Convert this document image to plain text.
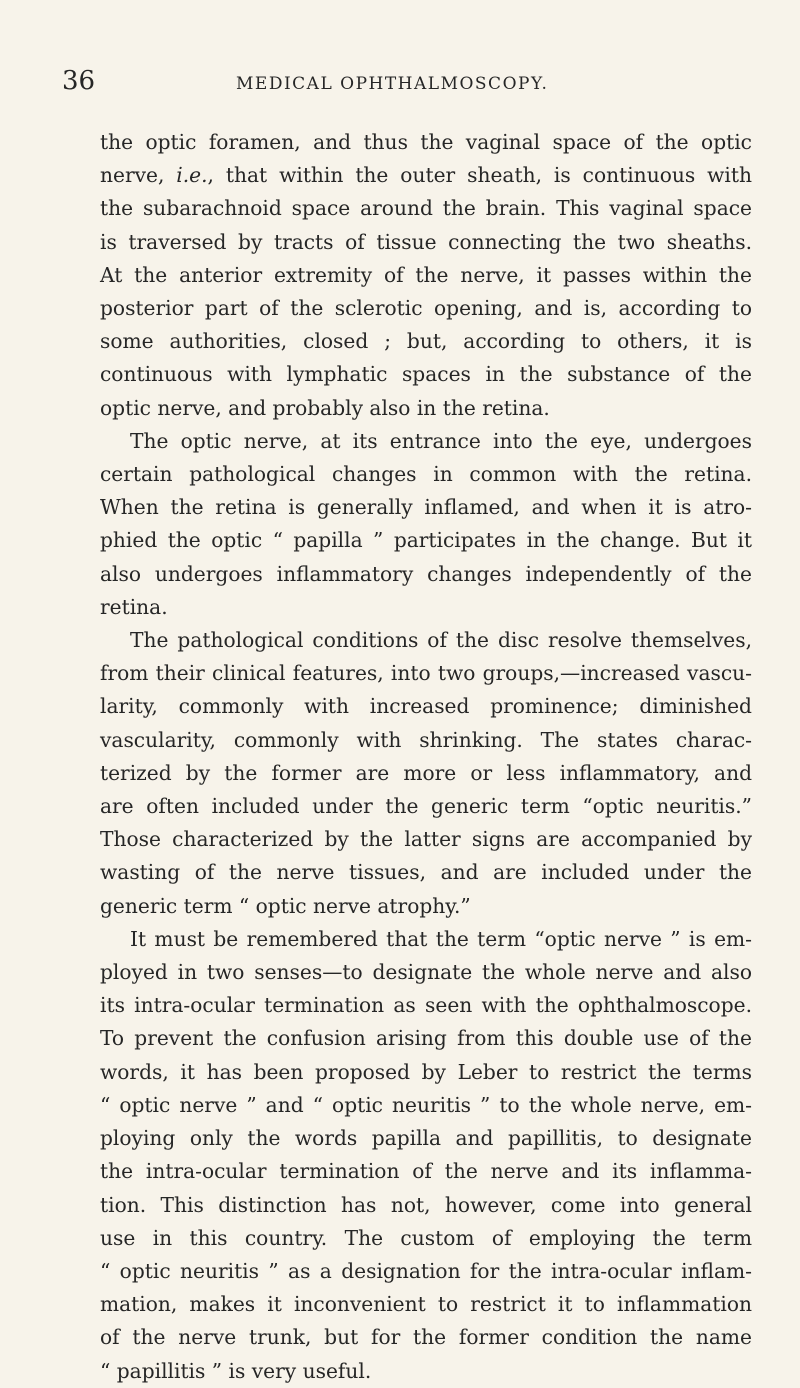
36	MEDICAL OPHTHALMOSCOPY.
the optic foramen, and thus the vaginal space of the optic
nerve, i.e., that within the outer sheath, is continuous with
the subarachnoid space around the brain. This vaginal space
is traversed by tracts of tissue connecting the two sheaths.
At the anterior extremity of the nerve, it passes within the
posterior part of the sclerotic opening, and is, according to
some authorities, closed ; but, according to others, it is
continuous with lymphatic spaces in the substance of the
optic nerve, and probably also in the retina.
The optic nerve, at its entrance into the eye, undergoes
certain pathological changes in common with the retina.
When the retina is generally inflamed, and when it is atro-
phied the optic “ papilla ” participates in the change. But it
also undergoes inflammatory changes independently of the
retina.
The pathological conditions of the disc resolve themselves,
from their clinical features, into two groups,—increased vascu-
larity, commonly with increased prominence; diminished
vascularity, commonly with shrinking. The states charac-
terized by the former are more or less inflammatory, and
are often included under the generic term “optic neuritis.”
Those characterized by the latter signs are accompanied by
wasting of the nerve tissues, and are included under the
generic term “ optic nerve atrophy.”
It must be remembered that the term “optic nerve ” is em-
ployed in two senses—to designate the whole nerve and also
its intra-ocular termination as seen with the ophthalmoscope.
To prevent the confusion arising from this double use of the
words, it has been proposed by Leber to restrict the terms
“ optic nerve ” and “ optic neuritis ” to the whole nerve, em-
ploying only the words papilla and papillitis, to designate
the intra-ocular termination of the nerve and its inflamma-
tion. This distinction has not, however, come into general
use in this country. The custom of employing the term
“ optic neuritis ” as a designation for the intra-ocular inflam-
mation, makes it inconvenient to restrict it to inflammation
of the nerve trunk, but for the former condition the name
“ papillitis ” is very useful.
